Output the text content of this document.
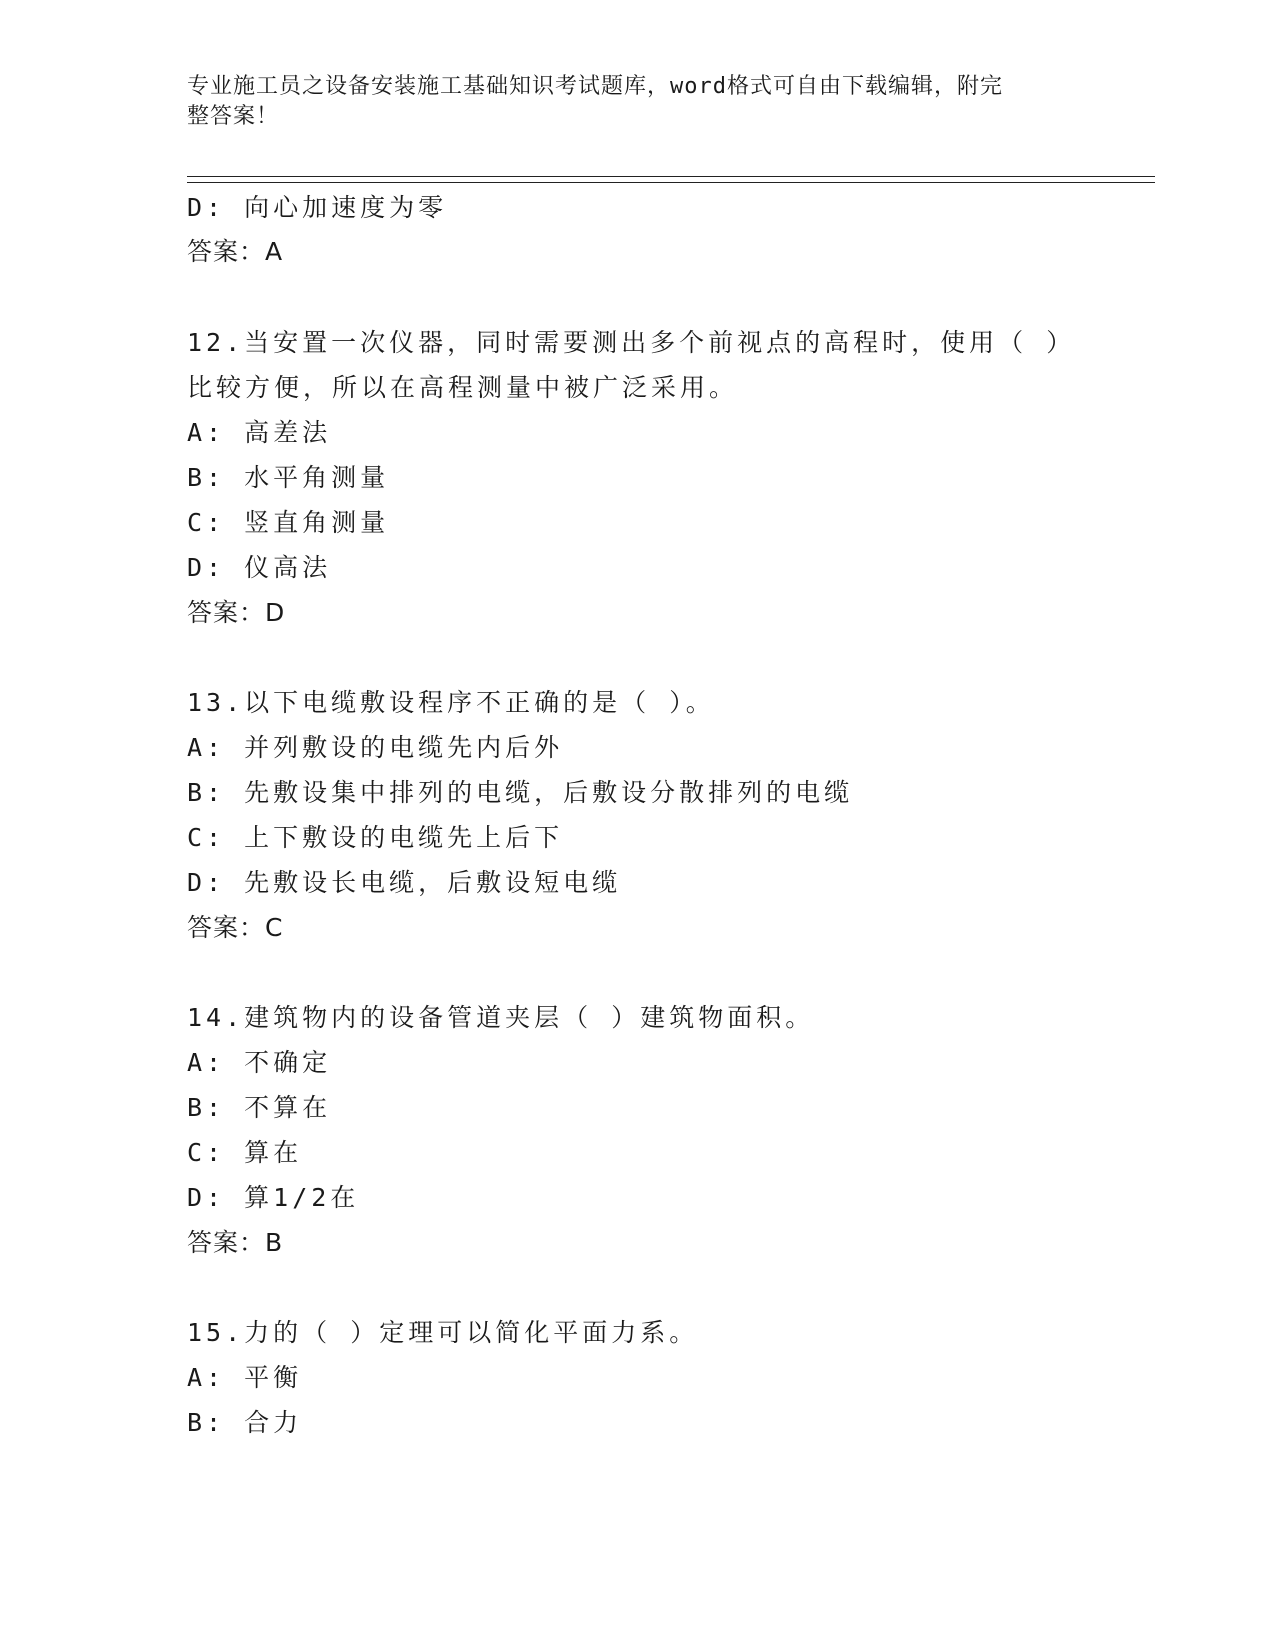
专业施工员之设备安装施工基础知识考试题库，word格式可自由下载编辑，附完
整答案！
D: 向心加速度为零
答案：A
12.当安置一次仪器，同时需要测出多个前视点的高程时，使用（ ）
比较方便，所以在高程测量中被广泛采用。
A: 高差法
B: 水平角测量
C: 竖直角测量
D: 仪高法
答案：D
13.以下电缆敷设程序不正确的是（ ）。
A: 并列敷设的电缆先内后外
B: 先敷设集中排列的电缆，后敷设分散排列的电缆
C: 上下敷设的电缆先上后下
D: 先敷设长电缆，后敷设短电缆
答案：C
14.建筑物内的设备管道夹层（ ）建筑物面积。
A: 不确定
B: 不算在
C: 算在
D: 算1/2在
答案：B
15.力的（ ）定理可以简化平面力系。
A: 平衡
B: 合力
